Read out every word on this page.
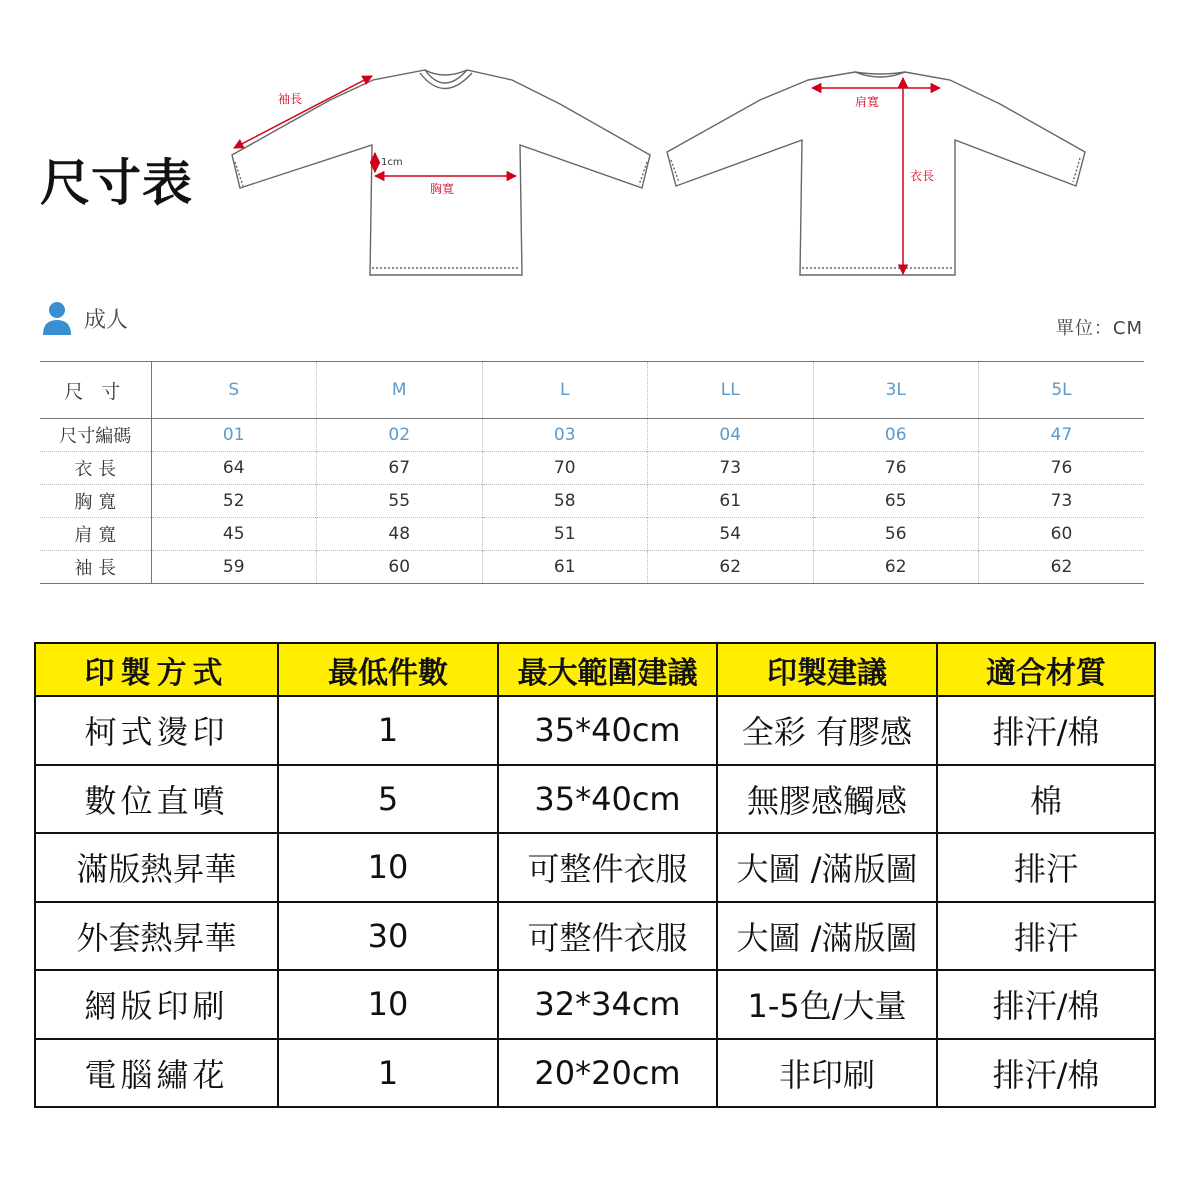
尺寸表
袖長
1cm
胸寬
肩寬
衣長
成人	單位：CM
尺 寸	S	M	L	LL	3L	5L
尺寸編碼	01	02	03	04	06	47
衣 長	64	67	70	73	76	76
胸 寬	52	55	58	61	65	73
肩 寬	45	48	51	54	56	60
袖 長	59	60	61	62	62	62
印製方式	最低件數	最大範圍建議	印製建議	適合材質
柯式燙印	1	35*40cm	全彩 有膠感	排汗/棉
數位直噴	5	35*40cm	無膠感觸感	棉
滿版熱昇華	10	可整件衣服	大圖 /滿版圖	排汗
外套熱昇華	30	可整件衣服	大圖 /滿版圖	排汗
網版印刷	10	32*34cm	1-5色/大量	排汗/棉
電腦繡花	1	20*20cm	非印刷	排汗/棉
